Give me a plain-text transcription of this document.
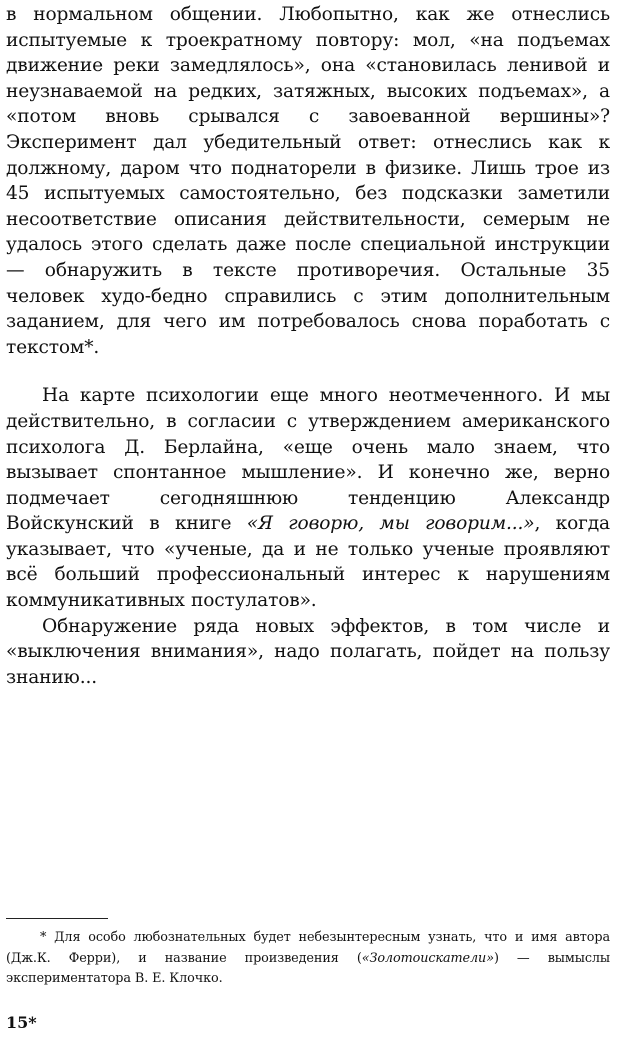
в нормальном общении. Любопытно, как же отнеслись испытуемые к троекратному повтору: мол, «на подъемах движение реки замедлялось», она «становилась ленивой и неузнаваемой на редких, затяжных, высоких подъемах», а «потом вновь срывался с завоеванной вершины»? Эксперимент дал убедительный ответ: отнеслись как к должному, даром что поднаторели в физике. Лишь трое из 45 испытуемых самостоятельно, без подсказки заметили несоответствие описания действительности, семерым не удалось этого сделать даже после специальной инструкции — обнаружить в тексте противоречия. Остальные 35 человек худо-бедно справились с этим дополнительным заданием, для чего им потребовалось снова поработать с текстом*.

На карте психологии еще много неотмеченного. И мы действительно, в согласии с утверждением американского психолога Д. Берлайна, «еще очень мало знаем, что вызывает спонтанное мышление». И конечно же, верно подмечает сегодняшнюю тенденцию Александр Войскунский в книге «Я говорю, мы говорим...», когда указывает, что «ученые, да и не только ученые проявляют всё больший профессиональный интерес к нарушениям коммуникативных постулатов».

Обнаружение ряда новых эффектов, в том числе и «выключения внимания», надо полагать, пойдет на пользу знанию...

* Для особо любознательных будет небезынтересным узнать, что и имя автора (Дж.К. Ферри), и название произведения («Золотоискатели») — вымыслы экспериментатора В. Е. Клочко.
15*
